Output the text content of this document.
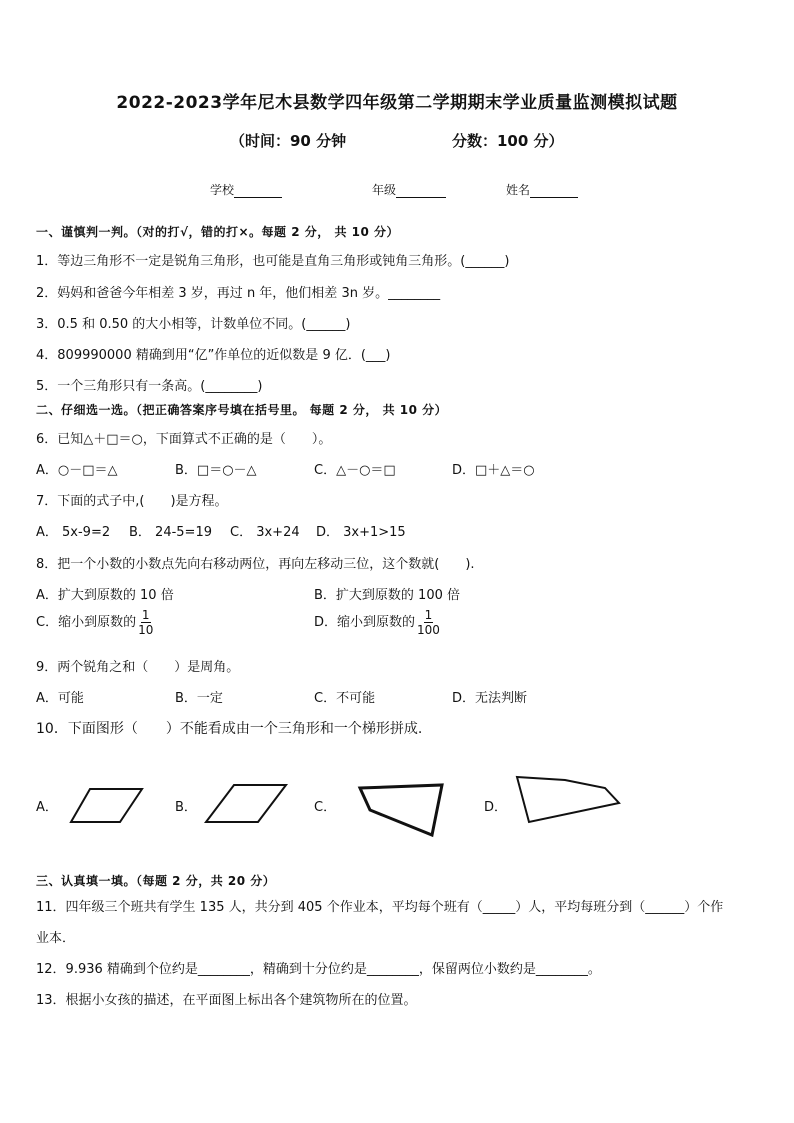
2022-2023学年尼木县数学四年级第二学期期末学业质量监测模拟试题
（时间：90 分钟	分数：100 分）
学校	年级	姓名
一、谨慎判一判。（对的打√，错的打×。每题 2 分， 共 10 分）
1．等边三角形不一定是锐角三角形，也可能是直角三角形或钝角三角形。(______)
2．妈妈和爸爸今年相差 3 岁，再过 n 年，他们相差 3n 岁。________
3．0.5 和 0.50 的大小相等，计数单位不同。(______)
4．809990000 精确到用“亿”作单位的近似数是 9 亿．(___)
5．一个三角形只有一条高。(________)
二、仔细选一选。（把正确答案序号填在括号里。 每题 2 分， 共 10 分）
6．已知△＋□＝○，下面算式不正确的是（　　）。
A．○－□＝△	B．□＝○－△	C．△－○＝□	D．□＋△＝○
7．下面的式子中,(　　)是方程。
A． 5x-9=2 B． 24-5=19 C． 3x+24 D． 3x+1>15
8．把一个小数的小数点先向右移动两位，再向左移动三位，这个数就(　　).
A．扩大到原数的 10 倍	B．扩大到原数的 100 倍
C．缩小到原数的 $\frac{1}{10}$	D．缩小到原数的 $\frac{1}{100}$
9．两个锐角之和（　　）是周角。
A．可能	B．一定	C．不可能	D．无法判断
10．下面图形（　　）不能看成由一个三角形和一个梯形拼成.
A．	B．	C．	D．
三、认真填一填。（每题 2 分，共 20 分）
11．四年级三个班共有学生 135 人，共分到 405 个作业本，平均每个班有（_____）人，平均每班分到（______）个作
业本．
12．9.936 精确到个位约是________，精确到十分位约是________，保留两位小数约是________。
13．根据小女孩的描述，在平面图上标出各个建筑物所在的位置。
